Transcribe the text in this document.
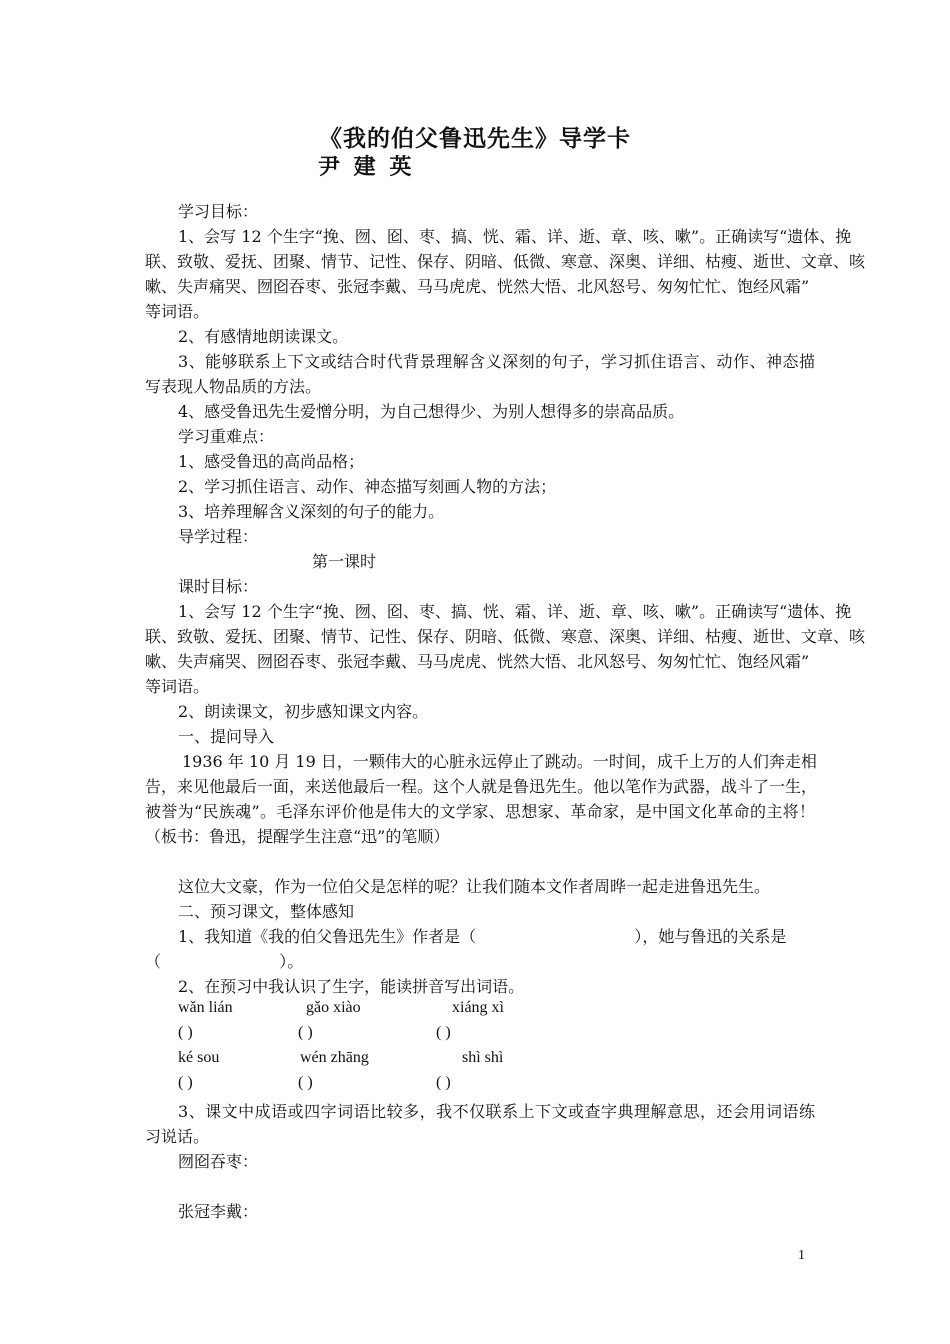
《我的伯父鲁迅先生》导学卡
尹 建 英
学习目标：
1、会写 12 个生字“挽、囫、囵、枣、搞、恍、霜、详、逝、章、咳、嗽”。正确读写“遗体、挽
联、致敬、爱抚、团聚、情节、记性、保存、阴暗、低微、寒意、深奥、详细、枯瘦、逝世、文章、咳
嗽、失声痛哭、囫囵吞枣、张冠李戴、马马虎虎、恍然大悟、北风怒号、匆匆忙忙、饱经风霜”
等词语。
2、有感情地朗读课文。
3、能够联系上下文或结合时代背景理解含义深刻的句子，学习抓住语言、动作、神态描
写表现人物品质的方法。
4、感受鲁迅先生爱憎分明，为自己想得少、为别人想得多的崇高品质。
学习重难点：
1、感受鲁迅的高尚品格；
2、学习抓住语言、动作、神态描写刻画人物的方法；
3、培养理解含义深刻的句子的能力。
导学过程：
第一课时
课时目标：
1、会写 12 个生字“挽、囫、囵、枣、搞、恍、霜、详、逝、章、咳、嗽”。正确读写“遗体、挽
联、致敬、爱抚、团聚、情节、记性、保存、阴暗、低微、寒意、深奥、详细、枯瘦、逝世、文章、咳
嗽、失声痛哭、囫囵吞枣、张冠李戴、马马虎虎、恍然大悟、北风怒号、匆匆忙忙、饱经风霜”
等词语。
2、朗读课文，初步感知课文内容。
一、提问导入
1936 年 10 月 19 日，一颗伟大的心脏永远停止了跳动。一时间，成千上万的人们奔走相
告，来见他最后一面，来送他最后一程。这个人就是鲁迅先生。他以笔作为武器，战斗了一生，
被誉为“民族魂”。毛泽东评价他是伟大的文学家、思想家、革命家，是中国文化革命的主将！
（板书：鲁迅，提醒学生注意“迅”的笔顺）
这位大文豪，作为一位伯父是怎样的呢？让我们随本文作者周晔一起走进鲁迅先生。
二、预习课文，整体感知
1、我知道《我的伯父鲁迅先生》作者是（	），她与鲁迅的关系是
（	）。
2、在预习中我认识了生字，能读拼音写出词语。
wǎn lián	gǎo xiào	xiáng xì
( )	( )	( )
ké sou	wén zhāng	shì shì
( )	( )	( )
3、课文中成语或四字词语比较多，我不仅联系上下文或查字典理解意思，还会用词语练
习说话。
囫囵吞枣：
张冠李戴：
1
